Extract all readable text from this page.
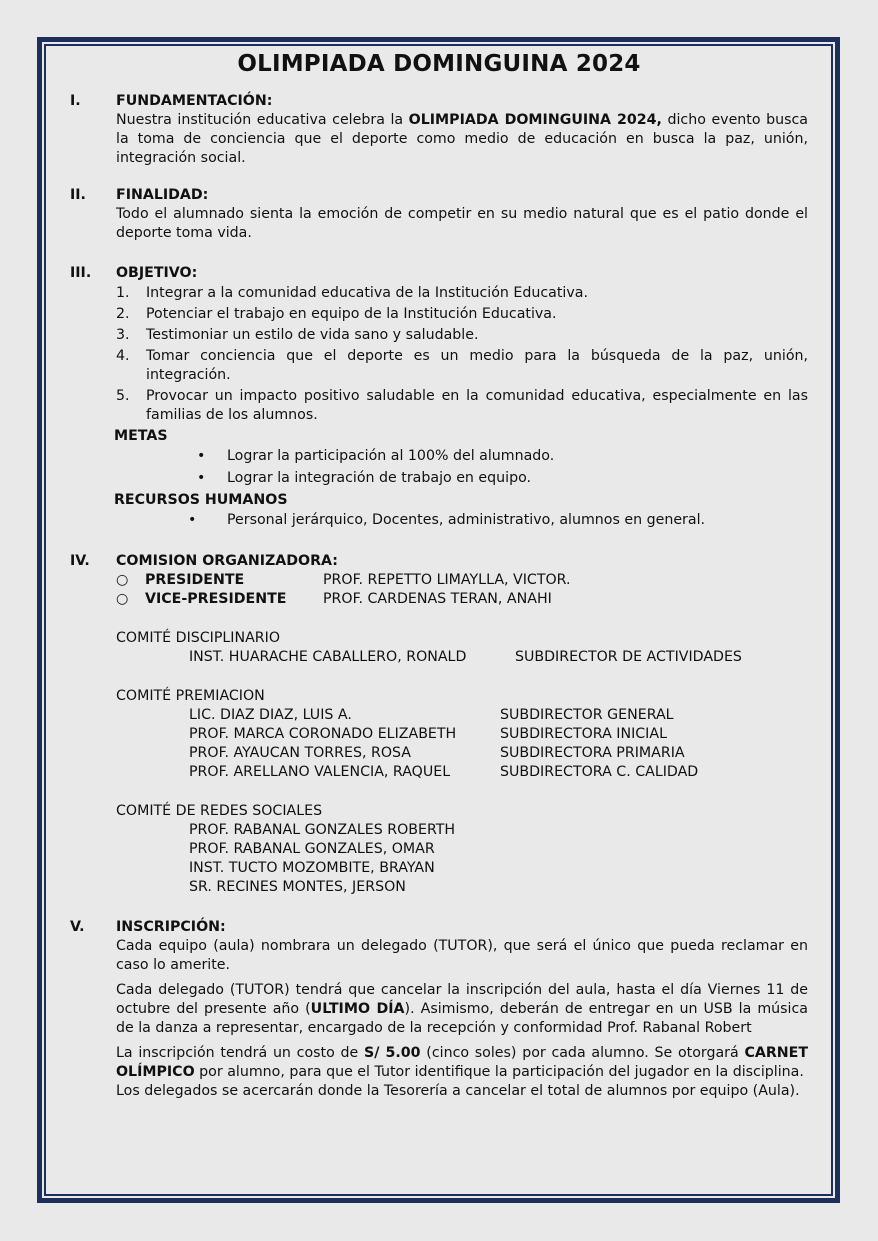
OLIMPIADA DOMINGUINA 2024
I. FUNDAMENTACIÓN:

Nuestra institución educativa celebra la OLIMPIADA DOMINGUINA 2024, dicho evento busca la toma de conciencia que el deporte como medio de educación en busca la paz, unión, integración social.

II. FINALIDAD:

Todo el alumnado sienta la emoción de competir en su medio natural que es el patio donde el deporte toma vida.

III. OBJETIVO:
1. Integrar a la comunidad educativa de la Institución Educativa.
2. Potenciar el trabajo en equipo de la Institución Educativa.
3. Testimoniar un estilo de vida sano y saludable.
4. Tomar conciencia que el deporte es un medio para la búsqueda de la paz, unión, integración.
5. Provocar un impacto positivo saludable en la comunidad educativa, especialmente en las familias de los alumnos.
METAS
• Lograr la participación al 100% del alumnado.
• Lograr la integración de trabajo en equipo.
RECURSOS HUMANOS
• Personal jerárquico, Docentes, administrativo, alumnos en general.
IV. COMISION ORGANIZADORA:
○	PRESIDENTE	PROF. REPETTO LIMAYLLA, VICTOR.
○	VICE-PRESIDENTE	PROF. CARDENAS TERAN, ANAHI
COMITÉ DISCIPLINARIO
INST. HUARACHE CABALLERO, RONALD	SUBDIRECTOR DE ACTIVIDADES
COMITÉ PREMIACION
LIC. DIAZ DIAZ, LUIS A.	SUBDIRECTOR GENERAL
PROF. MARCA CORONADO ELIZABETH	SUBDIRECTORA INICIAL
PROF. AYAUCAN TORRES, ROSA	SUBDIRECTORA PRIMARIA
PROF. ARELLANO VALENCIA, RAQUEL	SUBDIRECTORA C. CALIDAD
COMITÉ DE REDES SOCIALES
PROF. RABANAL GONZALES ROBERTH
PROF. RABANAL GONZALES, OMAR
INST. TUCTO MOZOMBITE, BRAYAN
SR. RECINES MONTES, JERSON
V. INSCRIPCIÓN:

Cada equipo (aula) nombrara un delegado (TUTOR), que será el único que pueda reclamar en caso lo amerite.

Cada delegado (TUTOR) tendrá que cancelar la inscripción del aula, hasta el día Viernes 11 de octubre del presente año (ULTIMO DÍA). Asimismo, deberán de entregar en un USB la música de la danza a representar, encargado de la recepción y conformidad Prof. Rabanal Robert

La inscripción tendrá un costo de S/ 5.00 (cinco soles) por cada alumno. Se otorgará CARNET OLÍMPICO por alumno, para que el Tutor identifique la participación del jugador en la disciplina.

Los delegados se acercarán donde la Tesorería a cancelar el total de alumnos por equipo (Aula).
